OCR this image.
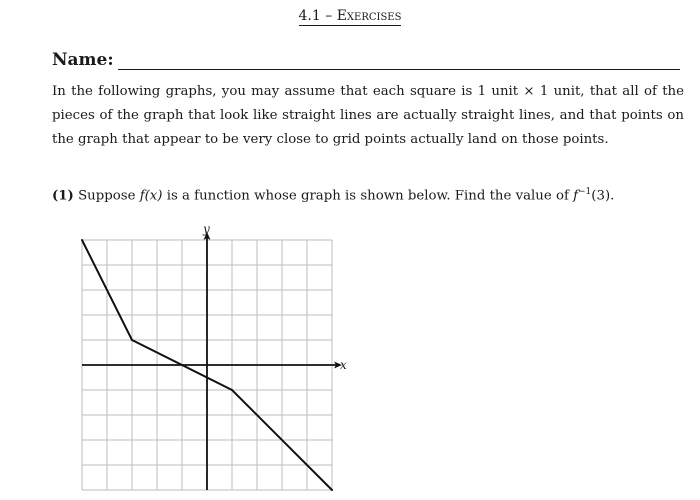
4.1 – Exercises
Name:
In the following graphs, you may assume that each square is 1 unit × 1 unit, that all of the pieces of the graph that look like straight lines are actually straight lines, and that points on the graph that appear to be very close to grid points actually land on those points.
(1) Suppose f(x) is a function whose graph is shown below. Find the value of $f^{-1}(3)$.
x
y
